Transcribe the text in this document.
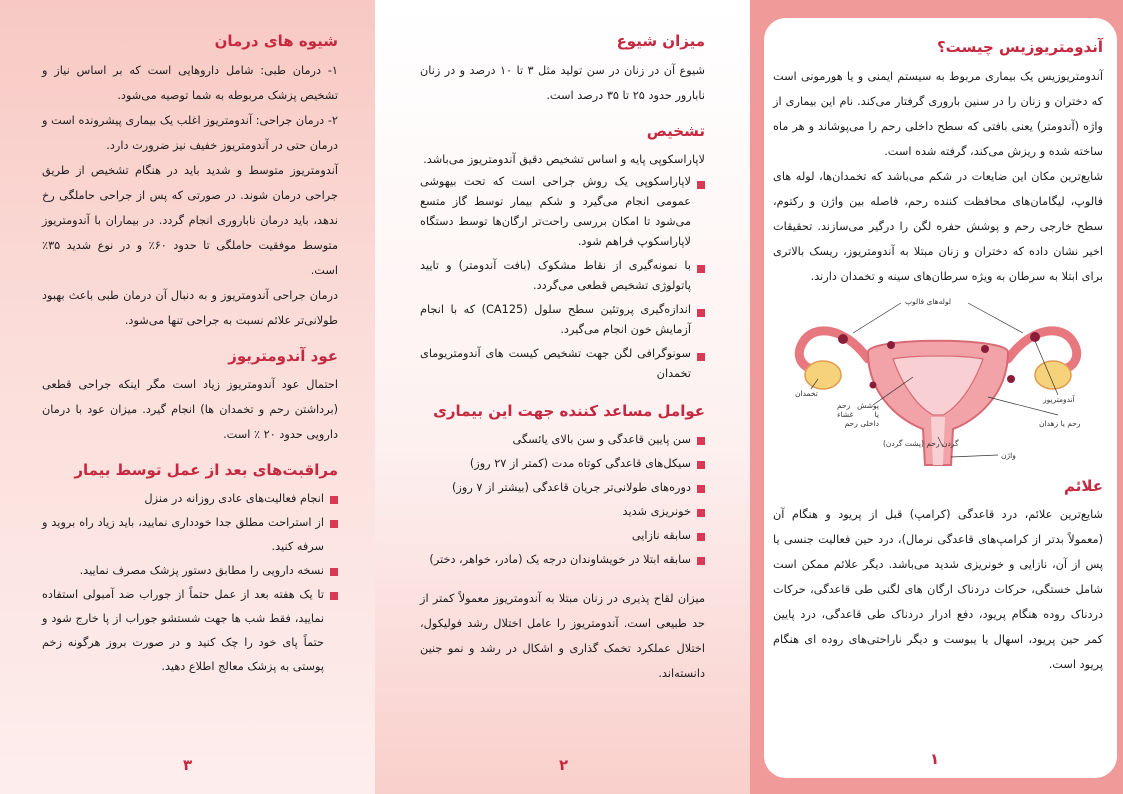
شیوه های درمان

۱- درمان طبی: شامل داروهایی است که بر اساس نیاز و تشخیص پزشک مربوطه به شما توصیه می‌شود.

۲- درمان جراحی: آندومتریوز اغلب یک بیماری پیشرونده است و درمان حتی در آندومتریوز خفیف نیز ضرورت دارد.

آندومتریوز متوسط و شدید باید در هنگام تشخیص از طریق جراحی درمان شوند. در صورتی که پس از جراحی حاملگی رخ ندهد، باید درمان ناباروری انجام گردد. در بیماران با آندومتریوز متوسط موفقیت حاملگی تا حدود ۶۰٪ و در نوع شدید ۳۵٪ است.

درمان جراحی آندومتریوز و به دنبال آن درمان طبی باعث بهبود طولانی‌تر علائم نسبت به جراحی تنها می‌شود.

عود آندومتریوز

احتمال عود آندومتریوز زیاد است مگر اینکه جراحی قطعی (برداشتن رحم و تخمدان ها) انجام گیرد. میزان عود با درمان دارویی حدود ۲۰ ٪ است.

مراقبت‌های بعد از عمل توسط بیمار
انجام فعالیت‌های عادی روزانه در منزل
از استراحت مطلق جدا خودداری نمایید، باید زیاد راه بروید و سرفه کنید.
نسخه دارویی را مطابق دستور پزشک مصرف نمایید.
تا یک هفته بعد از عمل حتماً از جوراب ضد آمبولی استفاده نمایید، فقط شب ها جهت شستشو جوراب از پا خارج شود و حتماً پای خود را چک کنید و در صورت بروز هرگونه زخم پوستی به پزشک معالج اطلاع دهید.
۳
میزان شیوع

شیوع آن در زنان در سن تولید مثل ۳ تا ۱۰ درصد و در زنان نابارور حدود ۲۵ تا ۳۵ درصد است.

تشخیص

لاپاراسکوپی پایه و اساس تشخیص دقیق آندومتریوز می‌باشد.

لاپاراسکوپی یک روش جراحی است که تحت بیهوشی عمومی انجام می‌گیرد و شکم بیمار توسط گاز متسع می‌شود تا امکان بررسی راحت‌تر ارگان‌ها توسط دستگاه لاپاراسکوپ فراهم شود.
با نمونه‌گیری از نقاط مشکوک (بافت آندومتر) و تایید پاتولوژی تشخیص قطعی می‌گردد.
اندازه‌گیری پروتئین سطح سلول (CA125) که با انجام آزمایش خون انجام می‌گیرد.
سونوگرافی لگن جهت تشخیص کیست های آندومتریومای تخمدان
عوامل مساعد کننده جهت این بیماری
سن پایین قاعدگی و سن بالای یائسگی
سیکل‌های قاعدگی کوتاه مدت (کمتر از ۲۷ روز)
دوره‌های طولانی‌تر جریان قاعدگی (بیشتر از ۷ روز)
خونریزی شدید
سابقه نازایی
سابقه ابتلا در خویشاوندان درجه یک (مادر، خواهر، دختر)

میزان لقاح پذیری در زنان مبتلا به آندومتریوز معمولاً کمتر از حد طبیعی است. آندومتریوز را عامل اختلال رشد فولیکول، اختلال عملکرد تخمک گذاری و اشکال در رشد و نمو جنین دانسته‌اند.

۲
آندومتریوزیس چیست؟

آندومتریوزیس یک بیماری مربوط به سیستم ایمنی و یا هورمونی است که دختران و زنان را در سنین باروری گرفتار می‌کند. نام این بیماری از واژه (آندومتر) یعنی بافتی که سطح داخلی رحم را می‌پوشاند و هر ماه ساخته شده و ریزش می‌کند، گرفته شده است.

شایع‌ترین مکان این ضایعات در شکم می‌باشد که تخمدان‌ها، لوله های فالوپ، لیگامان‌های محافظت کننده رحم، فاصله بین واژن و رکتوم، سطح خارجی رحم و پوشش حفره لگن را درگیر می‌سازند. تحقیقات اخیر نشان داده که دختران و زنان مبتلا به آندومتریوز، ریسک بالاتری برای ابتلا به سرطان به ویژه سرطان‌های سینه و تخمدان دارند.

لوله‌های فالوپ
تخمدان
آندومتریوز
پوشش رحم یا غشاء داخلی رحم	رحم یا زهدان
گردن رحم (پشت گردن)
واژن
علائم

شایع‌ترین علائم، درد قاعدگی (کرامپ) قبل از پریود و هنگام آن (معمولاً بدتر از کرامپ‌های قاعدگی نرمال)، درد حین فعالیت جنسی یا پس از آن، نازایی و خونریزی شدید می‌باشد. دیگر علائم ممکن است شامل خستگی، حرکات دردناک ارگان های لگنی طی قاعدگی، حرکات دردناک روده هنگام پریود، دفع ادرار دردناک طی قاعدگی، درد پایین کمر حین پریود، اسهال یا یبوست و دیگر ناراحتی‌های روده ای هنگام پریود است.

۱
